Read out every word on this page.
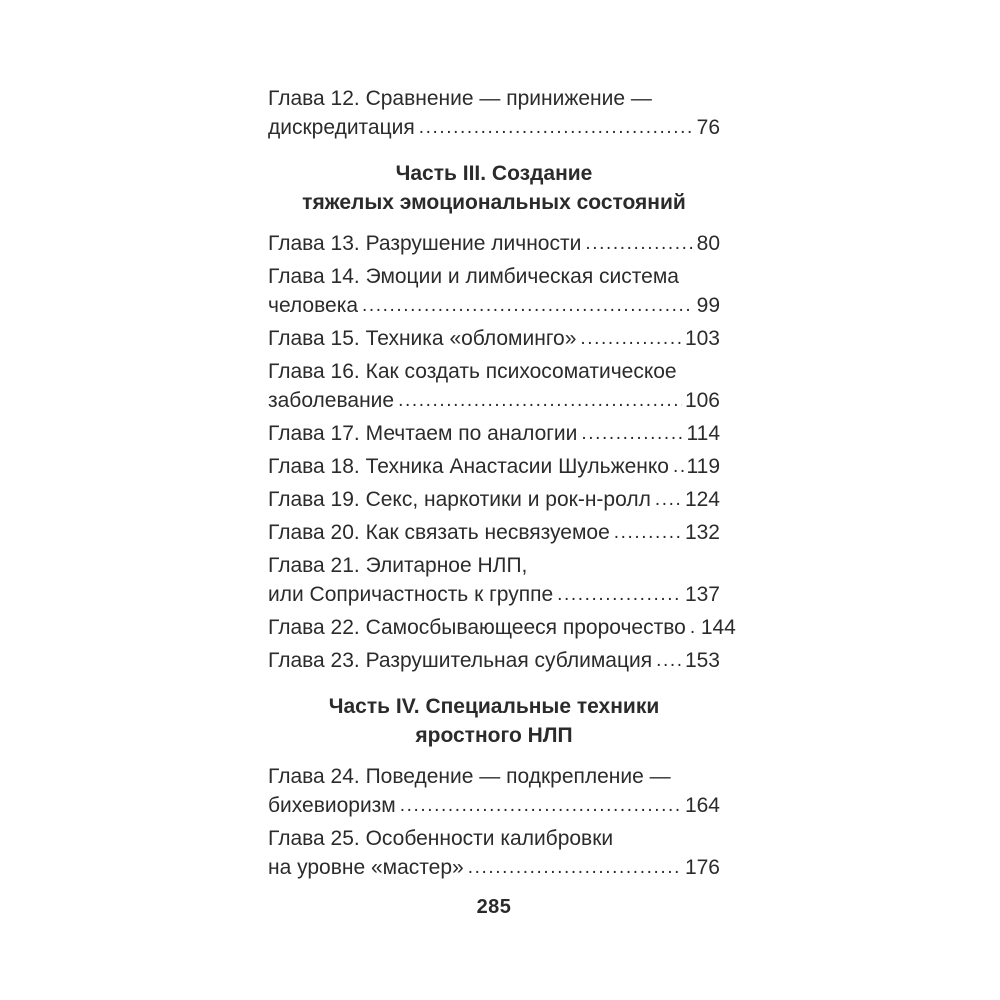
Глава 12. Сравнение — принижение —
дискредитация .....	76
Часть III. Создание
тяжелых эмоциональных состояний
Глава 13. Разрушение личности .....	80
Глава 14. Эмоции и лимбическая система
человека .....	99
Глава 15. Техника «обломинго» .....	103
Глава 16. Как создать психосоматическое
заболевание .....	106
Глава 17. Мечтаем по аналогии .....	114
Глава 18. Техника Анастасии Шульженко ..... 119
Глава 19. Секс, наркотики и рок-н-ролл ..... 124
Глава 20. Как связать несвязуемое .....	132
Глава 21. Элитарное НЛП,
или Сопричастность к группе .....	137
Глава 22. Самосбывающееся пророчество ..... 144
Глава 23. Разрушительная сублимация ..... 153
Часть IV. Специальные техники
яростного НЛП
Глава 24. Поведение — подкрепление —
бихевиоризм .....	164
Глава 25. Особенности калибровки
на уровне «мастер» .....	176
285
